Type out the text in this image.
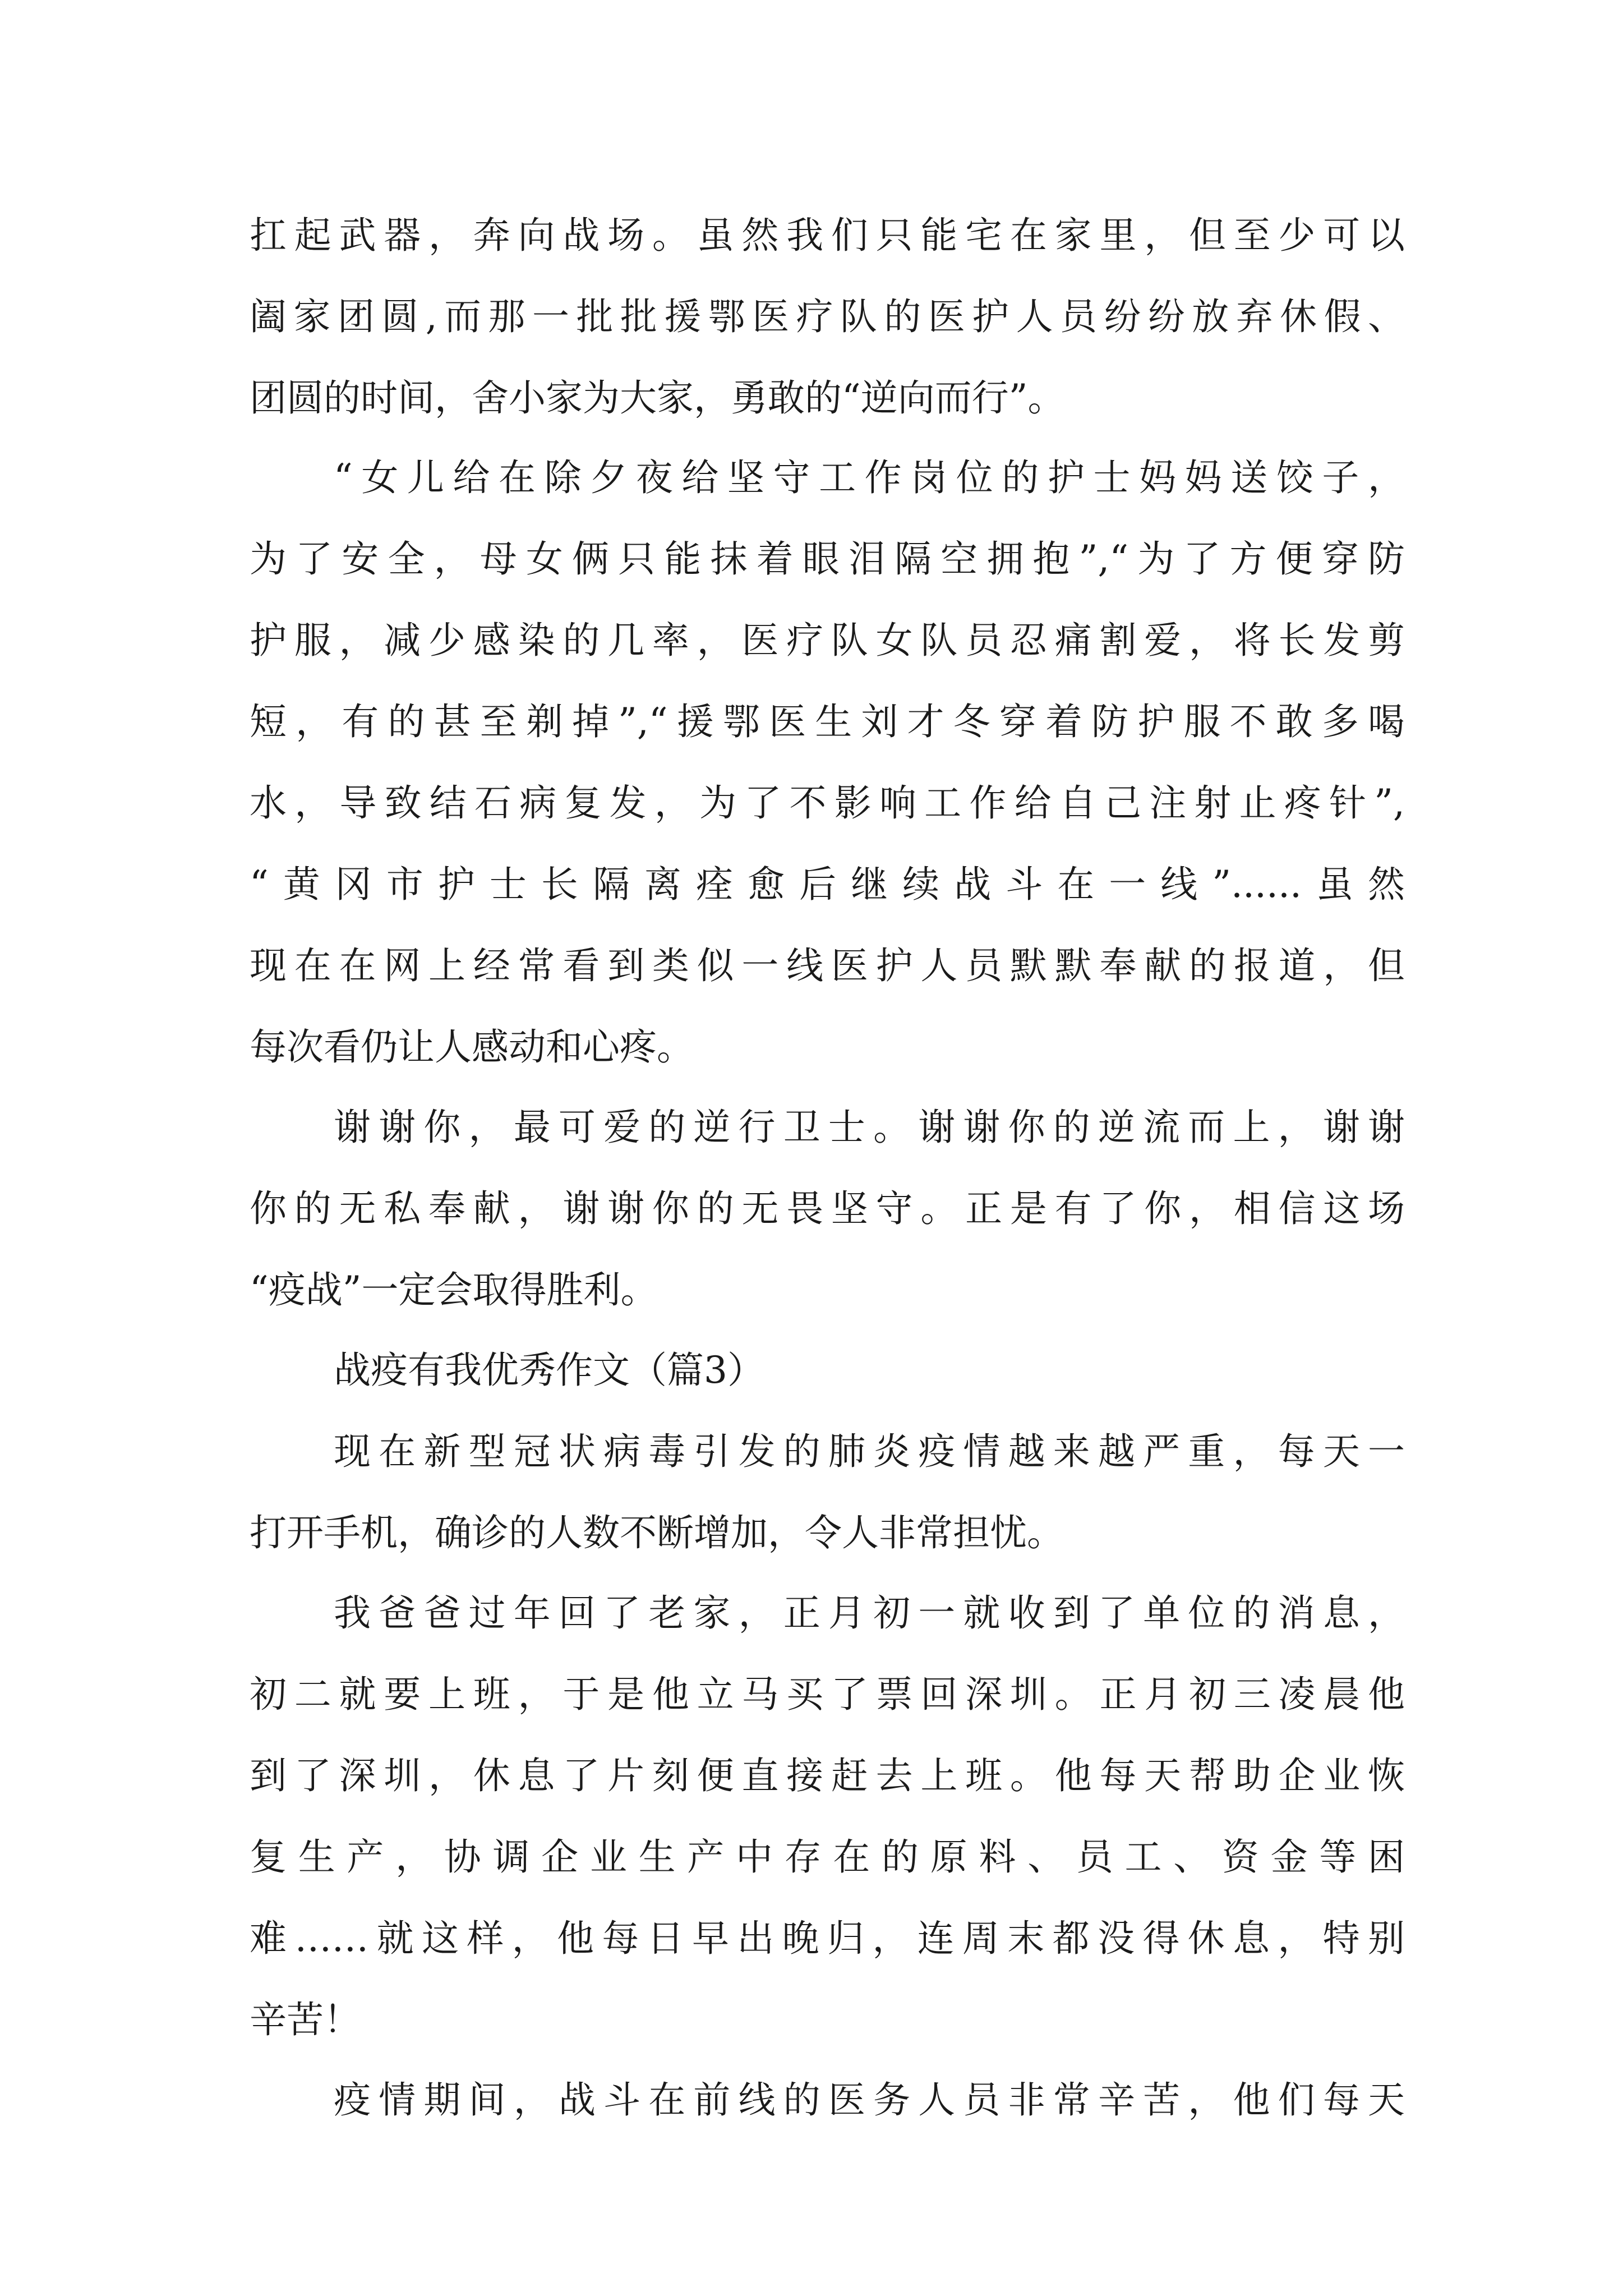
扛起武器，奔向战场。虽然我们只能宅在家里，但至少可以

阖家团圆,而那一批批援鄂医疗队的医护人员纷纷放弃休假、

团圆的时间，舍小家为大家，勇敢的“逆向而行”。

“女儿给在除夕夜给坚守工作岗位的护士妈妈送饺子，

为了安全，母女俩只能抹着眼泪隔空拥抱”,“为了方便穿防

护服，减少感染的几率，医疗队女队员忍痛割爱，将长发剪

短，有的甚至剃掉”,“援鄂医生刘才冬穿着防护服不敢多喝

水，导致结石病复发，为了不影响工作给自己注射止疼针”,

“黄冈市护士长隔离痊愈后继续战斗在一线”......虽然

现在在网上经常看到类似一线医护人员默默奉献的报道，但

每次看仍让人感动和心疼。

谢谢你，最可爱的逆行卫士。谢谢你的逆流而上，谢谢

你的无私奉献，谢谢你的无畏坚守。正是有了你，相信这场

“疫战”一定会取得胜利。

战疫有我优秀作文（篇3）

现在新型冠状病毒引发的肺炎疫情越来越严重，每天一

打开手机，确诊的人数不断增加，令人非常担忧。

我爸爸过年回了老家，正月初一就收到了单位的消息，

初二就要上班，于是他立马买了票回深圳。正月初三凌晨他

到了深圳，休息了片刻便直接赶去上班。他每天帮助企业恢

复生产，协调企业生产中存在的原料、员工、资金等困

难……就这样，他每日早出晚归，连周末都没得休息，特别

辛苦！

疫情期间，战斗在前线的医务人员非常辛苦，他们每天
